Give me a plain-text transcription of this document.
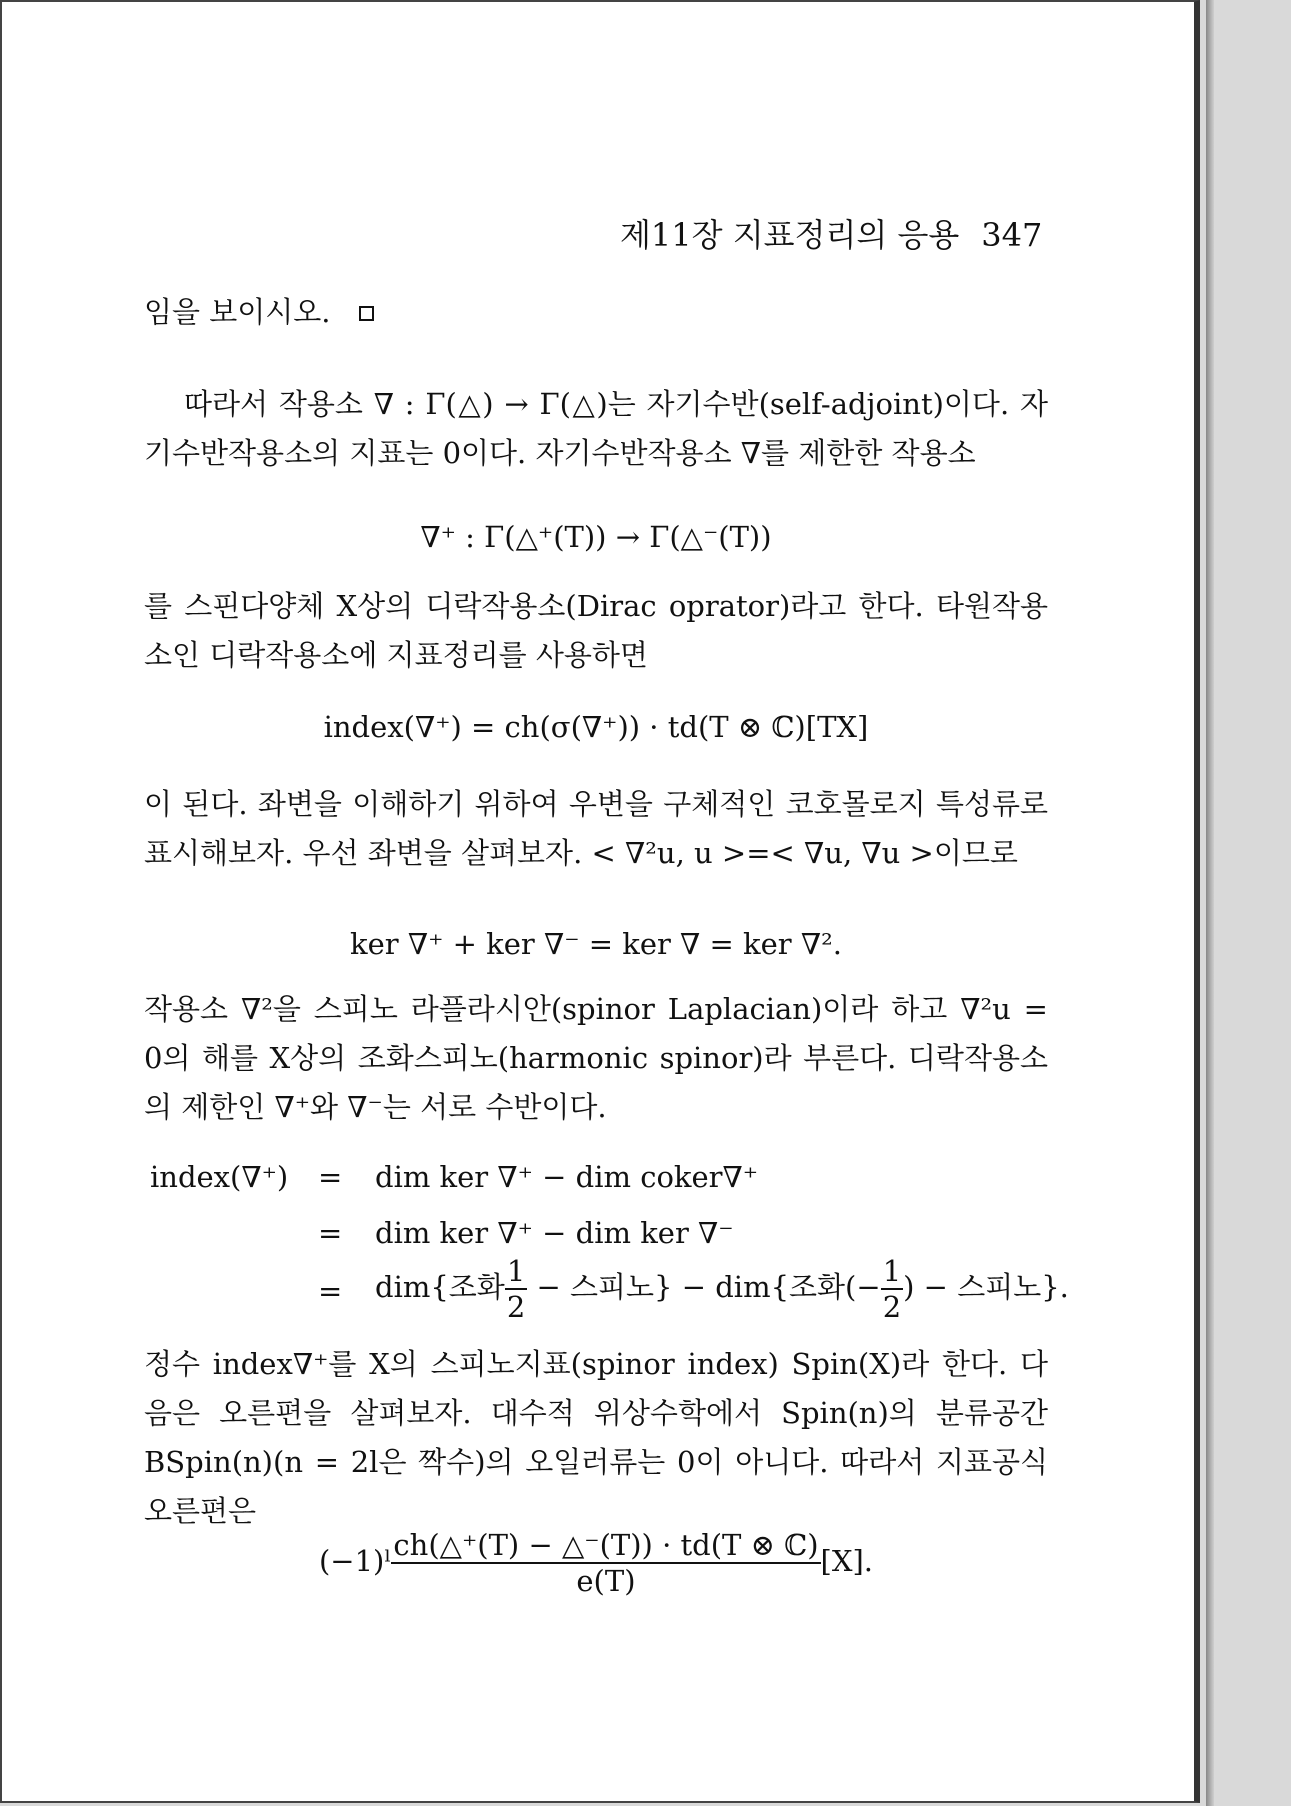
제11장 지표정리의 응용 347
임을 보이시오.
따라서 작용소 ∇ : Γ(△) → Γ(△)는 자기수반(self-adjoint)이다. 자기수반작용소의 지표는 0이다. 자기수반작용소 ∇를 제한한 작용소
∇⁺ : Γ(△⁺(T)) → Γ(△⁻(T))
를 스핀다양체 X상의 디락작용소(Dirac oprator)라고 한다. 타원작용소인 디락작용소에 지표정리를 사용하면
index(∇⁺) = ch(σ(∇⁺)) · td(T ⊗ ℂ)[TX]
이 된다. 좌변을 이해하기 위하여 우변을 구체적인 코호몰로지 특성류로 표시해보자. 우선 좌변을 살펴보자. < ∇²u, u >=< ∇u, ∇u >이므로
ker ∇⁺ + ker ∇⁻ = ker ∇ = ker ∇².
작용소 ∇²을 스피노 라플라시안(spinor Laplacian)이라 하고 ∇²u = 0의 해를 X상의 조화스피노(harmonic spinor)라 부른다. 디락작용소의 제한인 ∇⁺와 ∇⁻는 서로 수반이다.
index(∇⁺) = dim ker ∇⁺ − dim coker∇⁺
= dim ker ∇⁺ − dim ker ∇⁻
= dim{조화 $\frac{1}{2}$ − 스피노} − dim{조화(− $\frac{1}{2}$ ) − 스피노}.
정수 index∇⁺를 X의 스피노지표(spinor index) Spin(X)라 한다. 다음은 오른편을 살펴보자. 대수적 위상수학에서 Spin(n)의 분류공간 BSpin(n)(n = 2l은 짝수)의 오일러류는 0이 아니다. 따라서 지표공식 오른편은
(−1)ˡ $\frac{\text{ch(△⁺(T) − △⁻(T)) · td(T ⊗ ℂ)}}{e(T)} [X]$.
